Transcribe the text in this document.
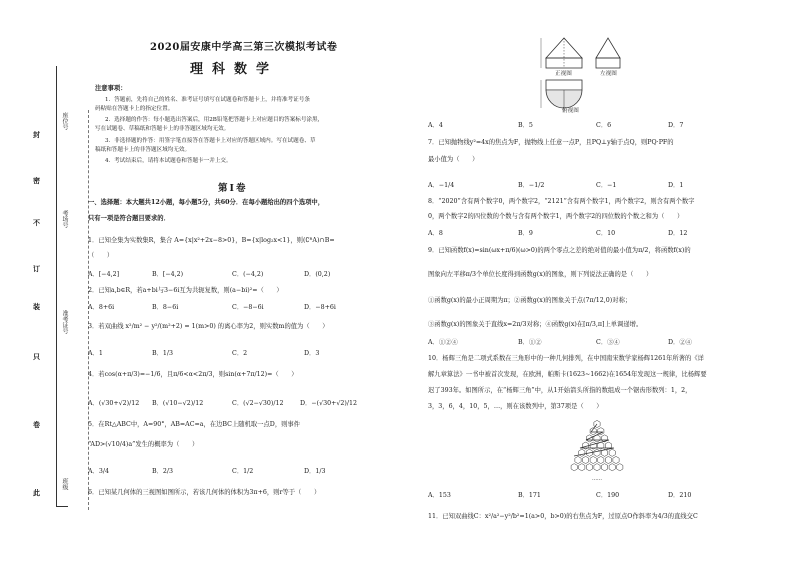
班级
准考证号
考场号
座位号
此
卷
只
装
订
不
密
封
2020届安康中学高三第三次模拟考试卷
理科数学
注意事项：
1．答题前，先将自己的姓名、准考证号填写在试题卷和答题卡上，并将准考证号条
码粘贴在答题卡上的指定位置。
2．选择题的作答：每小题选出答案后，用2B铅笔把答题卡上对应题目的答案标号涂黑，
写在试题卷、草稿纸和答题卡上的非答题区域均无效。
3．非选择题的作答：用签字笔直接答在答题卡上对应的答题区域内。写在试题卷、草
稿纸和答题卡上的非答题区域均无效。
4．考试结束后，请将本试题卷和答题卡一并上交。
第Ⅰ卷
一、选择题：本大题共12小题，每小题5分，共60分．在每小题给出的四个选项中，
只有一项是符合题目要求的．
1．已知全集为实数集R，集合 A={x|x²+2x−8>0}，B={x|log₂x<1}，则(∁ᴿA)∩B=
（　　）
A．[−4,2]	B．[−4,2)	C．(−4,2)	D．(0,2)
2．已知a,b∈R，若a+bi与3−6i互为共轭复数，则(a−bi)²=（　　）
A．8+6i	B．8−6i	C．−8−6i	D．−8+6i
3．若双曲线 x²/m² − y²/(m²+2) = 1(m>0) 的离心率为2，则实数m的值为（　　）
A．1	B．1/3	C．2	D．3
4．若cos(α+π/3)=−1/6，且π/6<α<2π/3，则sin(α+7π/12)=（　　）
A．(√30+√2)/12 B．(√10−√2)/12	C．(√2−√30)/12	D．−(√30+√2)/12
5．在Rt△ABC中，A=90°，AB=AC=a，在边BC上随机取一点D，则事件
“AD>(√10/4)a”发生的概率为（　　）
A．3/4	B．2/3	C．1/2	D．1/3
6．已知某几何体的三视图如图所示，若该几何体的体积为3π+6，则r等于（　　）
正视图	左视图
俯视图
A．4	B．5	C．6	D．7
7．已知抛物线y²=4x的焦点为F，抛物线上任意一点P，且PQ⊥y轴于点Q，则PQ·PF的
最小值为（　　）
A．−1/4	B．−1/2	C．−1	D．1
8．“2020”含有两个数字0，两个数字2，“2121”含有两个数字1，两个数字2，则含有两个数字
0，两个数字2的四位数的个数与含有两个数字1，两个数字2的四位数的个数之和为（　　）
A．8	B．9	C．10	D．12
9．已知函数f(x)=sin(ωx+π/6)(ω>0)的两个零点之差的绝对值的最小值为π/2，将函数f(x)的
图象向左平移π/3个单位长度得到函数g(x)的图象，则下列说法正确的是（　　）
①函数g(x)的最小正周期为π；②函数g(x)的图象关于点(7π/12,0)对称；
③函数g(x)的图象关于直线x=2π/3对称；④函数g(x)在[π/3,π]上单调递增。
A．①②④	B．①②	C．③④	D．②④
10．杨辉三角是二项式系数在三角形中的一种几何排列，在中国南宋数学家杨辉1261年所著的《详
解九章算法》一书中被首次发现，在欧洲，帕斯卡(1623~1662)在1654年发现这一规律，比杨辉要
迟了393年。如图所示，在“杨辉三角”中，从1开始箭头所指的数组成一个锯齿形数列：1，2，
3，3，6，4，10，5，…，则在该数列中，第37项是（　　）
……
A．153	B．171	C．190	D．210
11．已知双曲线C：x²/a²−y²/b²=1(a>0，b>0)的右焦点为F，过原点O作斜率为4/3的直线交C
